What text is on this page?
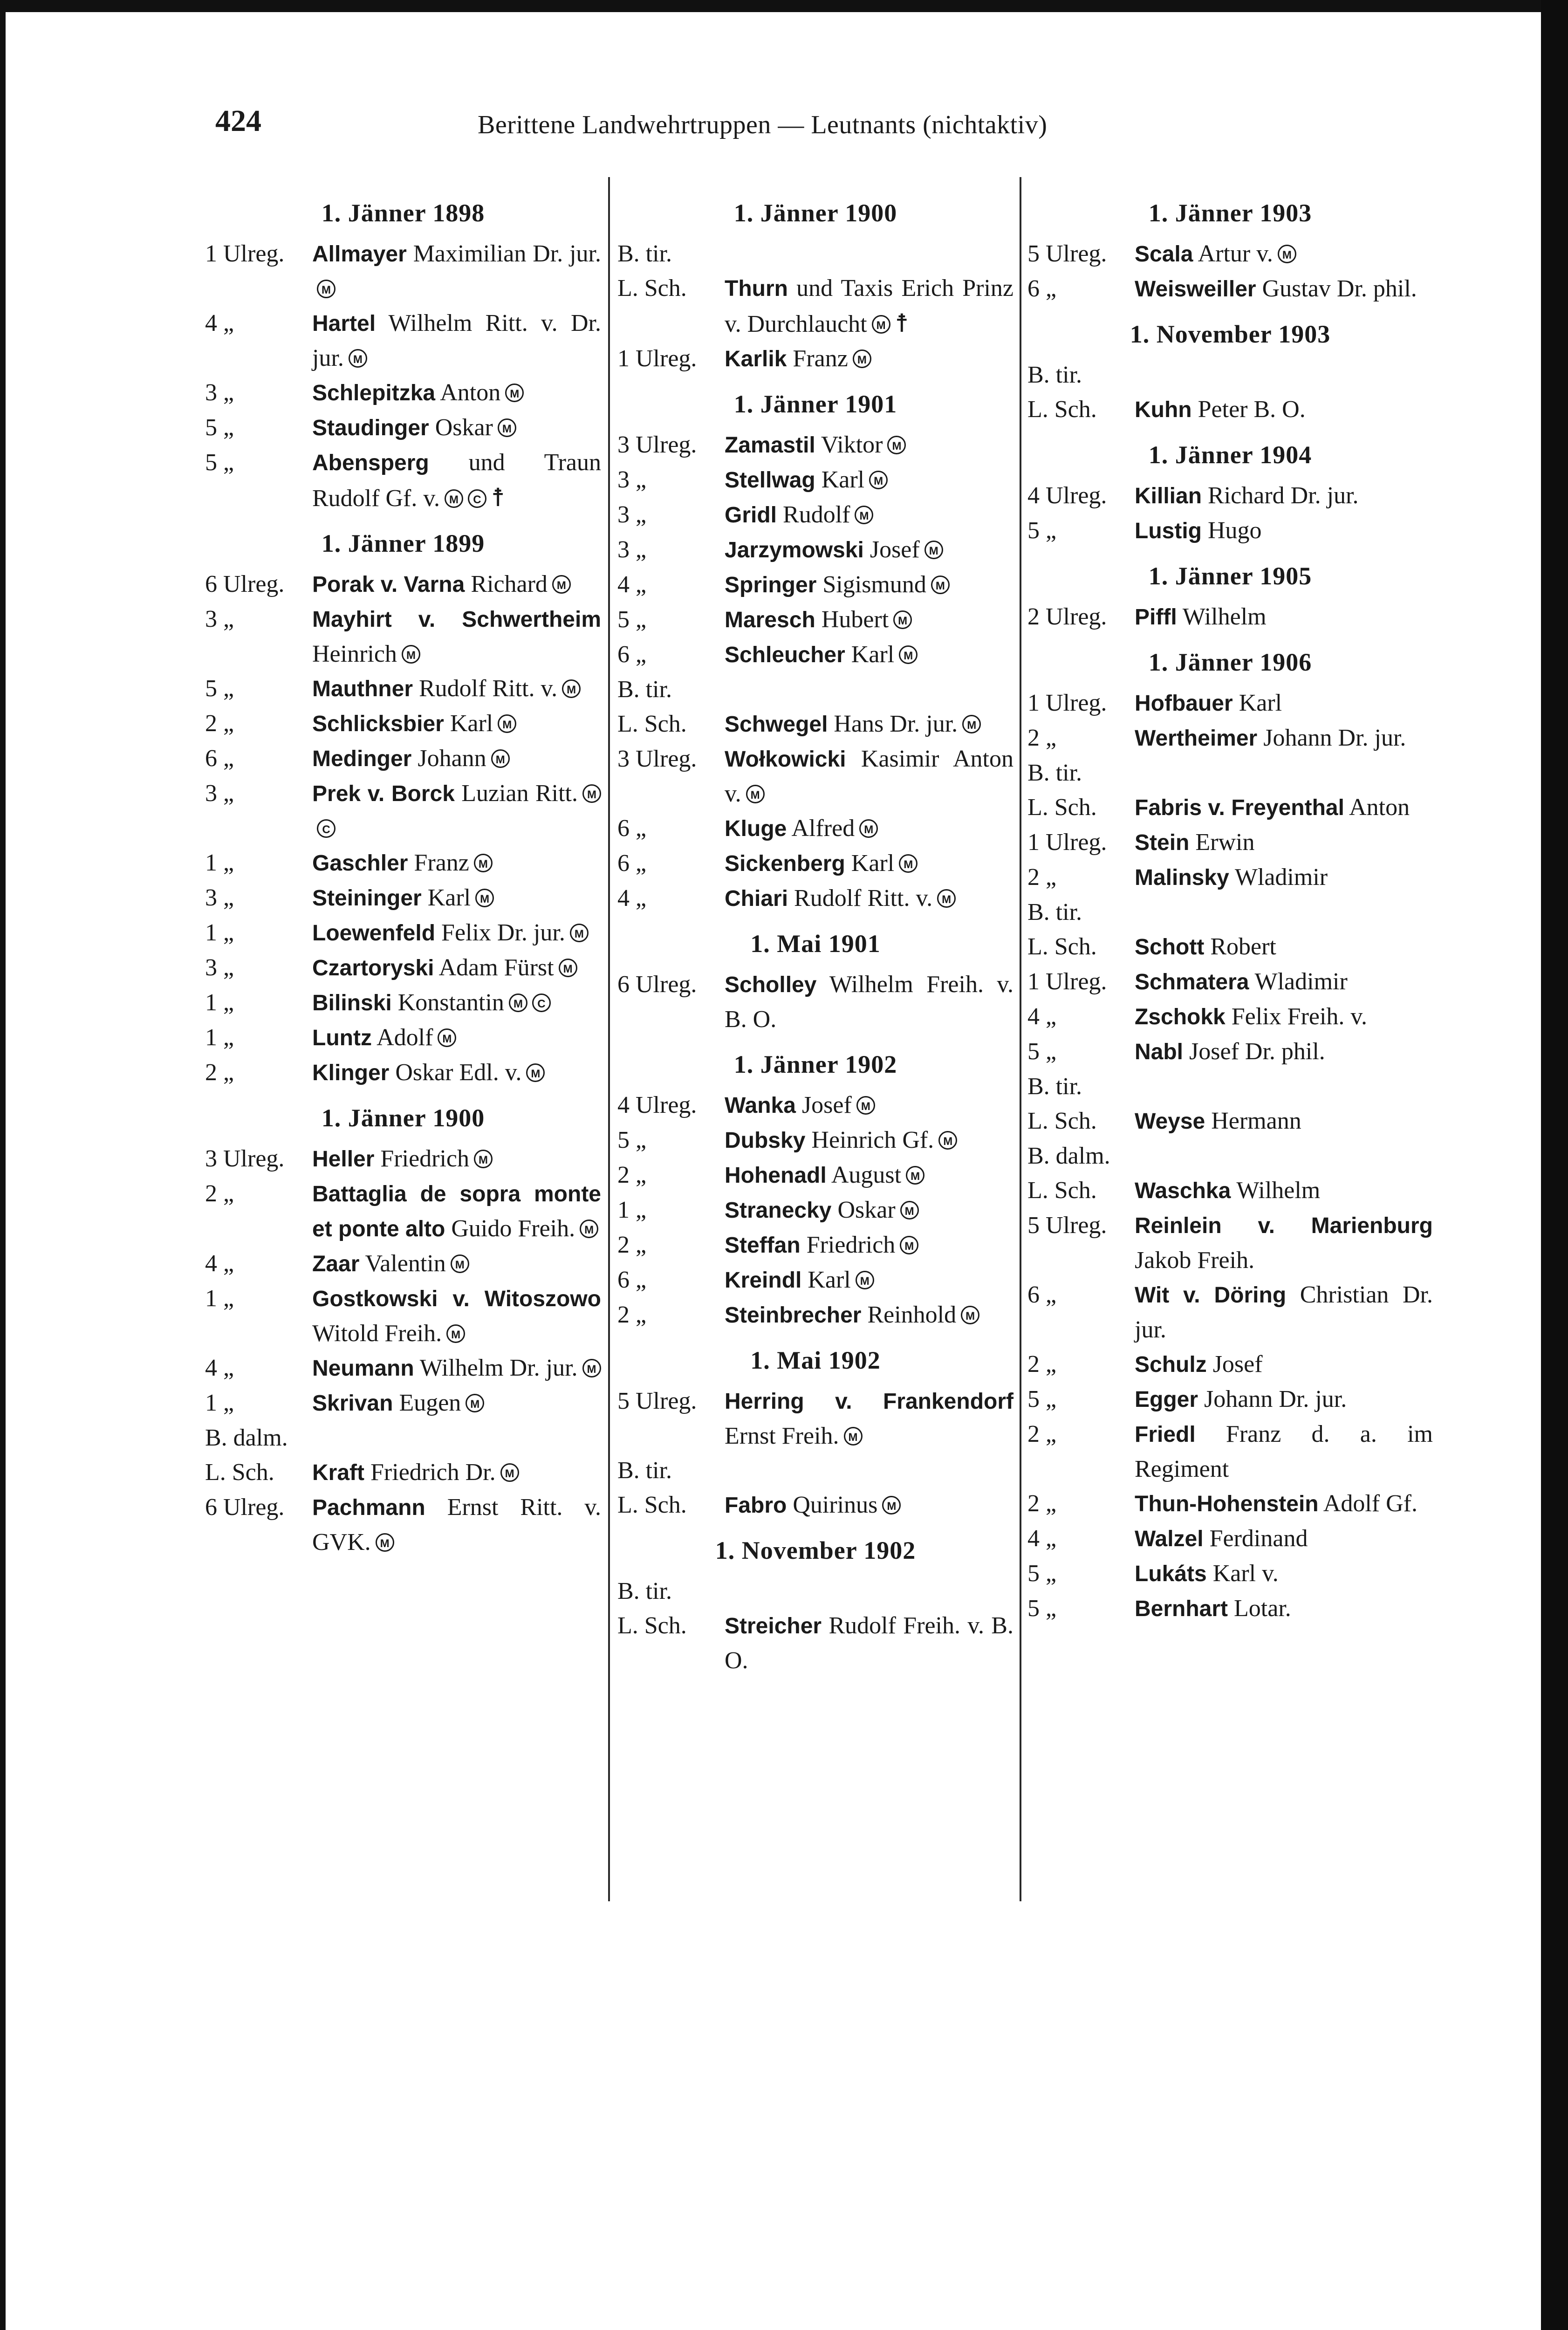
424	Berittene Landwehrtruppen — Leutnants (nichtaktiv)
1. Jänner 1898
1 Ulreg.	Allmayer Maximilian Dr. jur.M
4 „	Hartel Wilhelm Ritt. v. Dr. jur. M
3 „	Schlepitzka Anton M
5 „	Staudinger Oskar M
5 „	Abensperg und Traun Rudolf Gf. v. M C ☨
1. Jänner 1899
6 Ulreg.	Porak v. Varna Richard M
3 „	Mayhirt v. Schwertheim Heinrich M
5 „	Mauthner Rudolf Ritt. v. M
2 „	Schlicksbier Karl M
6 „	Medinger Johann M
3 „	Prek v. Borck Luzian Ritt. MC
1 „	Gaschler Franz M
3 „	Steininger Karl M
1 „	Loewenfeld Felix Dr. jur. M
3 „	Czartoryski Adam Fürst M
1 „	Bilinski Konstantin M C
1 „	Luntz Adolf M
2 „	Klinger Oskar Edl. v. M
1. Jänner 1900
3 Ulreg.	Heller Friedrich M
2 „	Battaglia de sopra monte et ponte alto Guido Freih. M
4 „	Zaar Valentin M
1 „	Gostkowski v. Witoszowo Witold Freih. M
4 „	Neumann Wilhelm Dr. jur. M
1 „	Skrivan Eugen M
B. dalm.
L. Sch.	Kraft Friedrich Dr. M
6 Ulreg.	Pachmann Ernst Ritt. v. GVK. M
1. Jänner 1900
B. tir.
L. Sch.	Thurn und Taxis Erich Prinz v. Durchlaucht M ☨
1 Ulreg.	Karlik Franz M
1. Jänner 1901
3 Ulreg.	Zamastil Viktor M
3 „	Stellwag Karl M
3 „	Gridl Rudolf M
3 „	Jarzymowski Josef M
4 „	Springer Sigismund M
5 „	Maresch Hubert M
6 „	Schleucher Karl M
B. tir.
L. Sch.	Schwegel Hans Dr. jur. M
3 Ulreg.	Wołkowicki Kasimir Anton v. M
6 „	Kluge Alfred M
6 „	Sickenberg Karl M
4 „	Chiari Rudolf Ritt. v. M
1. Mai 1901
6 Ulreg.	Scholley Wilhelm Freih. v. B. O.
1. Jänner 1902
4 Ulreg.	Wanka Josef M
5 „	Dubsky Heinrich Gf. M
2 „	Hohenadl August M
1 „	Stranecky Oskar M
2 „	Steffan Friedrich M
6 „	Kreindl Karl M
2 „	Steinbrecher Reinhold M
1. Mai 1902
5 Ulreg.	Herring v. Frankendorf Ernst Freih. M
B. tir.
L. Sch.	Fabro Quirinus M
1. November 1902
B. tir.
L. Sch.	Streicher Rudolf Freih. v. B. O.
1. Jänner 1903
5 Ulreg.	Scala Artur v. M
6 „	Weisweiller Gustav Dr. phil.
1. November 1903
B. tir.
L. Sch.	Kuhn Peter B. O.
1. Jänner 1904
4 Ulreg.	Killian Richard Dr. jur.
5 „	Lustig Hugo
1. Jänner 1905
2 Ulreg.	Piffl Wilhelm
1. Jänner 1906
1 Ulreg.	Hofbauer Karl
2 „	Wertheimer Johann Dr. jur.
B. tir.
L. Sch.	Fabris v. Freyenthal Anton
1 Ulreg.	Stein Erwin
2 „	Malinsky Wladimir
B. tir.
L. Sch.	Schott Robert
1 Ulreg.	Schmatera Wladimir
4 „	Zschokk Felix Freih. v.
5 „	Nabl Josef Dr. phil.
B. tir.
L. Sch.	Weyse Hermann
B. dalm.
L. Sch.	Waschka Wilhelm
5 Ulreg.	Reinlein v. Marienburg Jakob Freih.
6 „	Wit v. Döring Christian Dr. jur.
2 „	Schulz Josef
5 „	Egger Johann Dr. jur.
2 „	Friedl Franz d. a. im Regiment
2 „	Thun-Hohenstein Adolf Gf.
4 „	Walzel Ferdinand
5 „	Lukáts Karl v.
5 „	Bernhart Lotar.
